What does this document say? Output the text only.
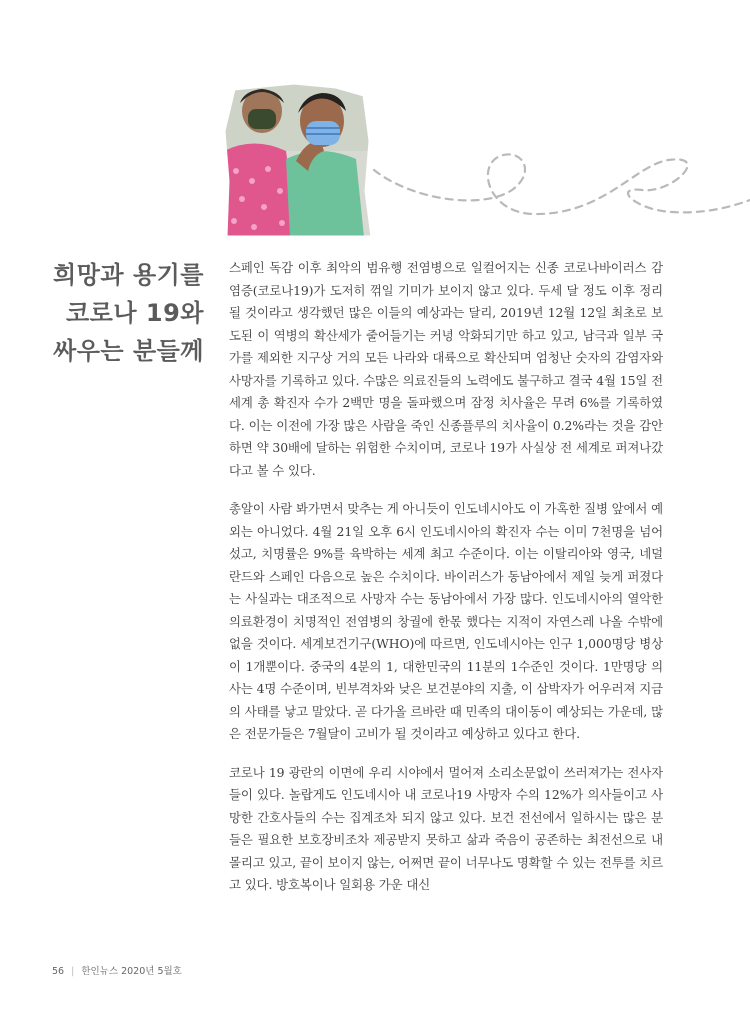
희망과 용기를
코로나 19와
싸우는 분들께

스페인 독감 이후 최악의 범유행 전염병으로 일컬어지는 신종 코로나바이러스 감염증(코로나19)가 도저히 꺾일 기미가 보이지 않고 있다. 두세 달 정도 이후 정리될 것이라고 생각했던 많은 이들의 예상과는 달리, 2019년 12월 12일 최초로 보도된 이 역병의 확산세가 줄어들기는 커녕 악화되기만 하고 있고, 남극과 일부 국가를 제외한 지구상 거의 모든 나라와 대륙으로 확산되며 엄청난 숫자의 감염자와 사망자를 기록하고 있다. 수많은 의료진들의 노력에도 불구하고 결국 4월 15일 전 세계 총 확진자 수가 2백만 명을 돌파했으며 잠정 치사율은 무려 6%를 기록하였다. 이는 이전에 가장 많은 사람을 죽인 신종플루의 치사율이 0.2%라는 것을 감안하면 약 30배에 달하는 위험한 수치이며, 코로나 19가 사실상 전 세계로 퍼져나갔다고 볼 수 있다.

총알이 사람 봐가면서 맞추는 게 아니듯이 인도네시아도 이 가혹한 질병 앞에서 예외는 아니었다. 4월 21일 오후 6시 인도네시아의 확진자 수는 이미 7천명을 넘어섰고, 치명률은 9%를 육박하는 세계 최고 수준이다. 이는 이탈리아와 영국, 네덜란드와 스페인 다음으로 높은 수치이다. 바이러스가 동남아에서 제일 늦게 퍼졌다는 사실과는 대조적으로 사망자 수는 동남아에서 가장 많다. 인도네시아의 열악한 의료환경이 치명적인 전염병의 창궐에 한몫 했다는 지적이 자연스레 나올 수밖에 없을 것이다. 세계보건기구(WHO)에 따르면, 인도네시아는 인구 1,000명당 병상이 1개뿐이다. 중국의 4분의 1, 대한민국의 11분의 1수준인 것이다. 1만명당 의사는 4명 수준이며, 빈부격차와 낮은 보건분야의 지출, 이 삼박자가 어우러져 지금의 사태를 낳고 말았다. 곧 다가올 르바란 때 민족의 대이동이 예상되는 가운데, 많은 전문가들은 7월달이 고비가 될 것이라고 예상하고 있다고 한다.

코로나 19 광란의 이면에 우리 시야에서 멀어져 소리소문없이 쓰러져가는 전사자들이 있다. 놀랍게도 인도네시아 내 코로나19 사망자 수의 12%가 의사들이고 사망한 간호사들의 수는 집계조차 되지 않고 있다. 보건 전선에서 일하시는 많은 분들은 필요한 보호장비조차 제공받지 못하고 삶과 죽음이 공존하는 최전선으로 내몰리고 있고, 끝이 보이지 않는, 어쩌면 끝이 너무나도 명확할 수 있는 전투를 치르고 있다. 방호복이나 일회용 가운 대신

56 | 한인뉴스 2020년 5월호
